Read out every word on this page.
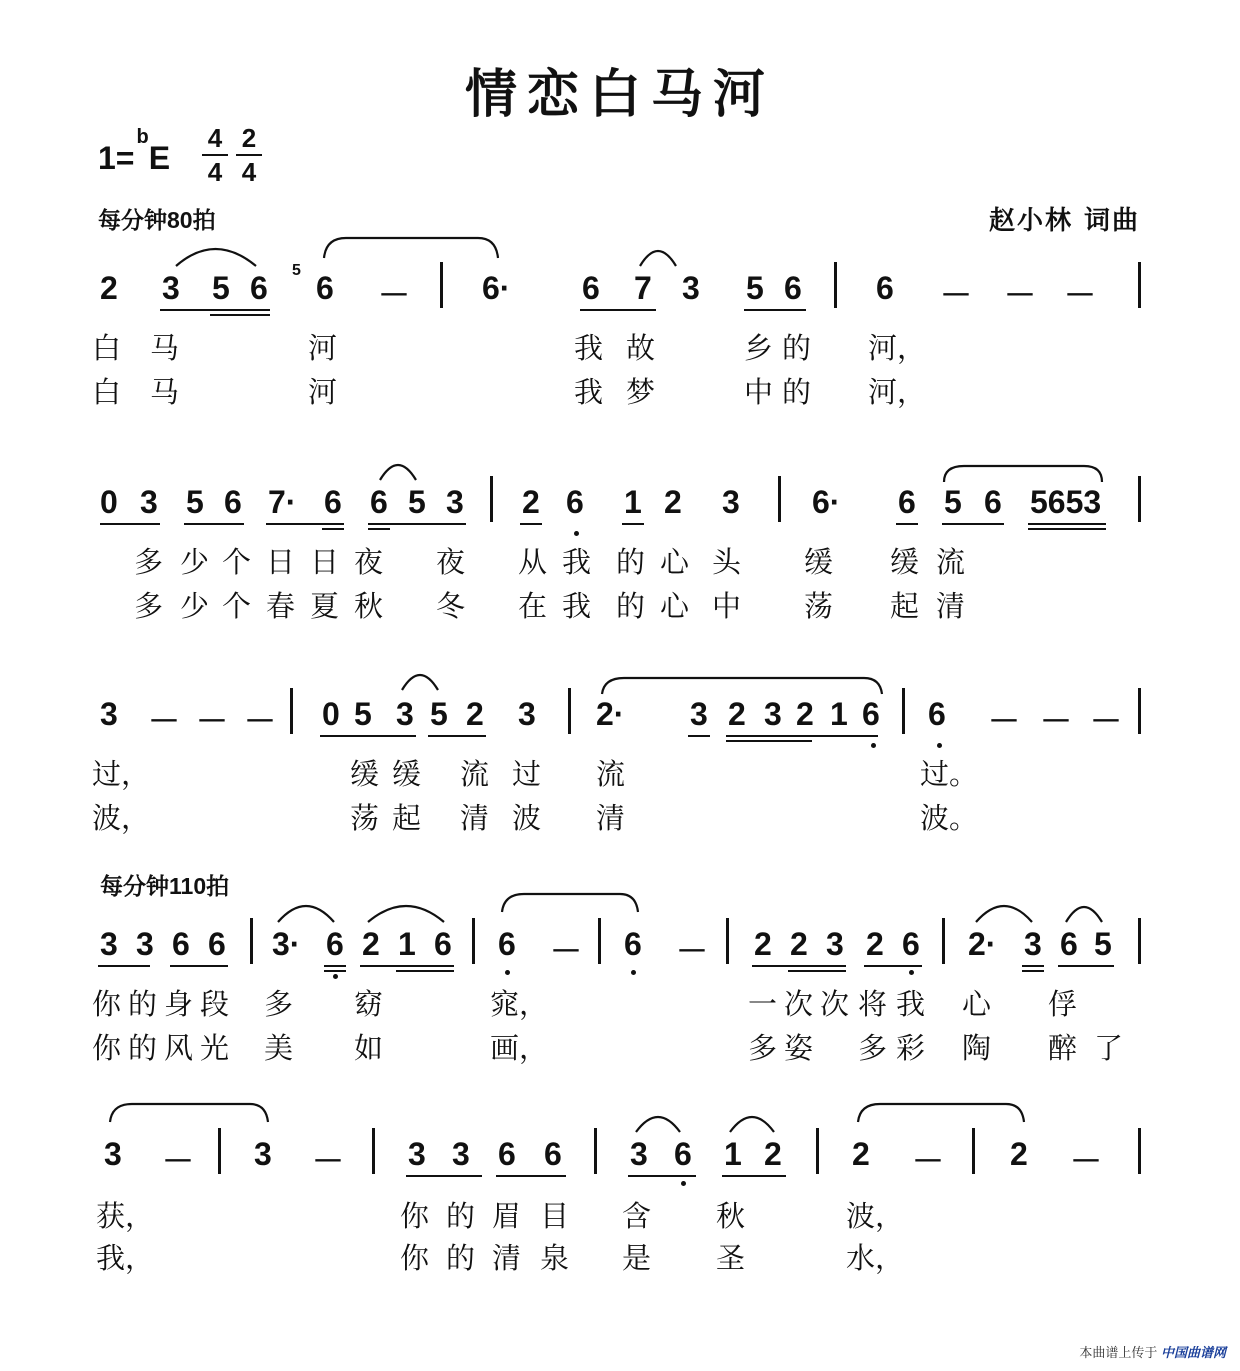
情恋白马河
1=$^b$E
4
4
2
4
每分钟80拍	赵小林 词曲
2 3 5 6 5 6 － 6· 6 7 3 5 6 6 － － －
白 马	河	我 故	乡 的 河，
白 马	河	我 梦	中 的 河，
0 3 5 6 7· 6 6 5 3 2 6 1 2 3 6· 6 5 6 5653
多 少 个 日 日 夜 夜 从 我 的 心 头 缓 缓 流
多 少 个 春 夏 秋 冬 在 我 的 心 中 荡 起 清
3 － － － 0 5 3 5 2 3 2· 3 2 3 2 1 6 6 － － －
过，	缓 缓 流 过 流	过。
波，	荡 起 清 波 清	波。
每分钟110拍
3 3 6 6 3· 6 2 1 6 6 － 6 － 2 2 3 2 6 2· 3 6 5
你 的 身 段 多 窈	窕，	一 次 次 将 我 心 俘
你 的 风 光 美 如	画，	多 姿 多 彩 陶 醉 了
3 － 3 － 3 3 6 6 3 6 1 2 2 － 2 －
获，	你 的 眉 目 含 秋	波，
我，	你 的 清 泉 是 圣	水，
本曲谱上传于 中国曲谱网
